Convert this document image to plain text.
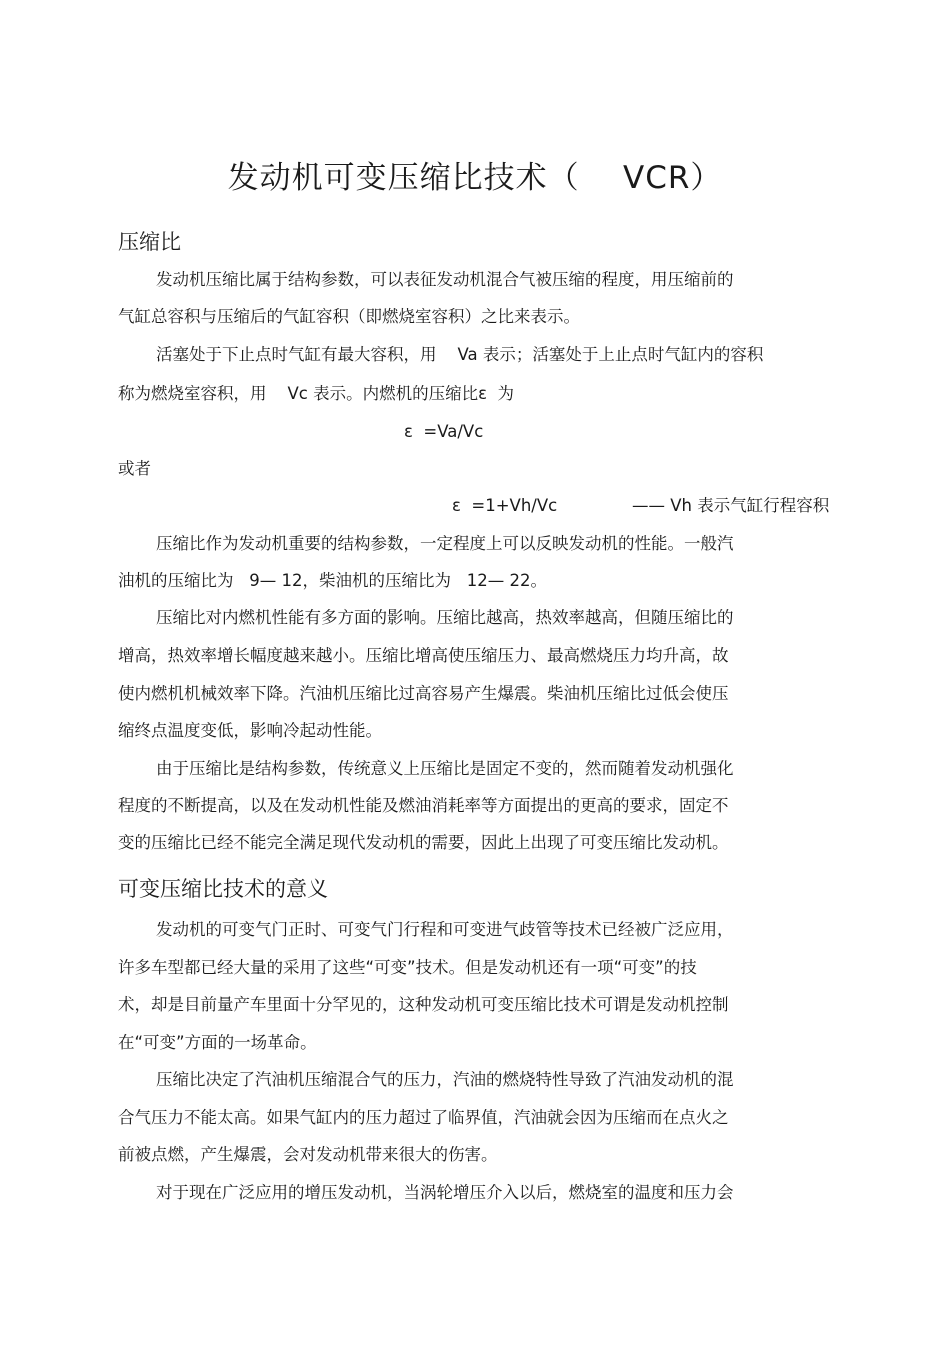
发动机可变压缩比技术（    VCR）
压缩比
发动机压缩比属于结构参数，可以表征发动机混合气被压缩的程度，用压缩前的
气缸总容积与压缩后的气缸容积（即燃烧室容积）之比来表示。
活塞处于下止点时气缸有最大容积，用    Va 表示；活塞处于上止点时气缸内的容积
称为燃烧室容积，用    Vc 表示。内燃机的压缩比ε  为
ε  =Va/Vc
或者
ε  =1+Vh/Vc	—— Vh 表示气缸行程容积
压缩比作为发动机重要的结构参数，一定程度上可以反映发动机的性能。一般汽
油机的压缩比为   9— 12，柴油机的压缩比为   12— 22。
压缩比对内燃机性能有多方面的影响。压缩比越高，热效率越高，但随压缩比的
增高，热效率增长幅度越来越小。压缩比增高使压缩压力、最高燃烧压力均升高，故
使内燃机机械效率下降。汽油机压缩比过高容易产生爆震。柴油机压缩比过低会使压
缩终点温度变低，影响冷起动性能。
由于压缩比是结构参数，传统意义上压缩比是固定不变的，然而随着发动机强化
程度的不断提高，以及在发动机性能及燃油消耗率等方面提出的更高的要求，固定不
变的压缩比已经不能完全满足现代发动机的需要，因此上出现了可变压缩比发动机。
可变压缩比技术的意义
发动机的可变气门正时、可变气门行程和可变进气歧管等技术已经被广泛应用，
许多车型都已经大量的采用了这些“可变”技术。但是发动机还有一项“可变”的技
术，却是目前量产车里面十分罕见的，这种发动机可变压缩比技术可谓是发动机控制
在“可变”方面的一场革命。
压缩比决定了汽油机压缩混合气的压力，汽油的燃烧特性导致了汽油发动机的混
合气压力不能太高。如果气缸内的压力超过了临界值，汽油就会因为压缩而在点火之
前被点燃，产生爆震，会对发动机带来很大的伤害。
对于现在广泛应用的增压发动机，当涡轮增压介入以后，燃烧室的温度和压力会
